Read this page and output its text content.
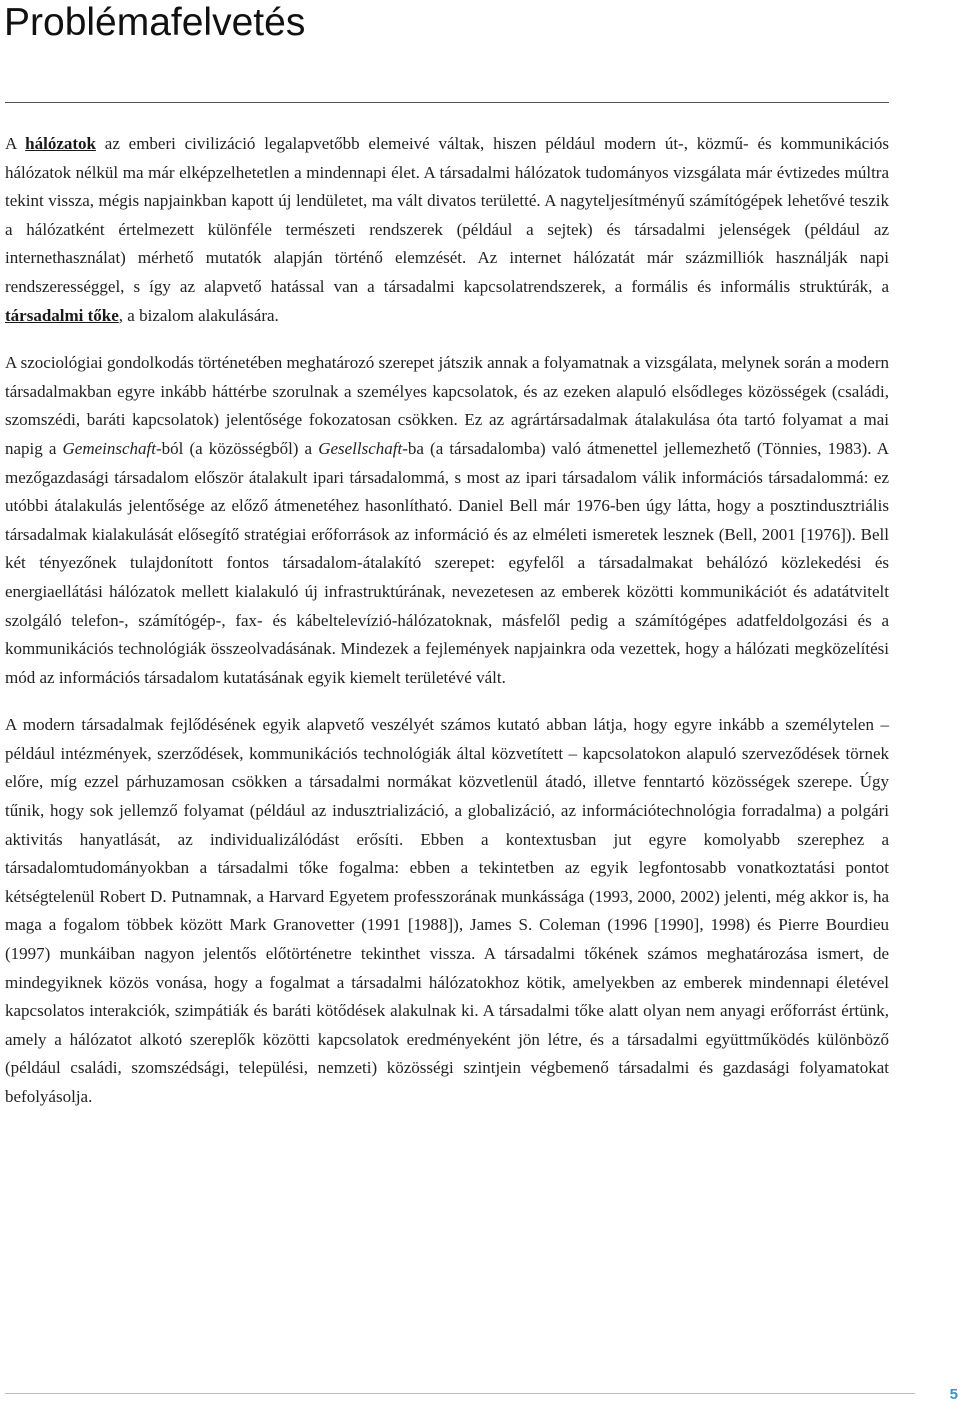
Problémafelvetés

A hálózatok az emberi civilizáció legalapvetőbb elemeivé váltak, hiszen például modern út-, közmű- és kommunikációs hálózatok nélkül ma már elképzelhetetlen a mindennapi élet. A társadalmi hálózatok tudományos vizsgálata már évtizedes múltra tekint vissza, mégis napjainkban kapott új lendületet, ma vált divatos területté. A nagyteljesítményű számítógépek lehetővé teszik a hálózatként értelmezett különféle természeti rendszerek (például a sejtek) és társadalmi jelenségek (például az internethasználat) mérhető mutatók alapján történő elemzését. Az internet hálózatát már százmilliók használják napi rendszerességgel, s így az alapvető hatással van a társadalmi kapcsolatrendszerek, a formális és informális struktúrák, a társadalmi tőke, a bizalom alakulására.

A szociológiai gondolkodás történetében meghatározó szerepet játszik annak a folyamatnak a vizsgálata, melynek során a modern társadalmakban egyre inkább háttérbe szorulnak a személyes kapcsolatok, és az ezeken alapuló elsődleges közösségek (családi, szomszédi, baráti kapcsolatok) jelentősége fokozatosan csökken. Ez az agrártársadalmak átalakulása óta tartó folyamat a mai napig a Gemeinschaft-ból (a közösségből) a Gesellschaft-ba (a társadalomba) való átmenettel jellemezhető (Tönnies, 1983). A mezőgazdasági társadalom először átalakult ipari társadalommá, s most az ipari társadalom válik információs társadalommá: ez utóbbi átalakulás jelentősége az előző átmenetéhez hasonlítható. Daniel Bell már 1976-ben úgy látta, hogy a posztindusztriális társadalmak kialakulását elősegítő stratégiai erőforrások az információ és az elméleti ismeretek lesznek (Bell, 2001 [1976]). Bell két tényezőnek tulajdonított fontos társadalom-átalakító szerepet: egyfelől a társadalmakat behálózó közlekedési és energiaellátási hálózatok mellett kialakuló új infrastruktúrának, nevezetesen az emberek közötti kommunikációt és adatátvitelt szolgáló telefon-, számítógép-, fax- és kábeltelevízió-hálózatoknak, másfelől pedig a számítógépes adatfeldolgozási és a kommunikációs technológiák összeolvadásának. Mindezek a fejlemények napjainkra oda vezettek, hogy a hálózati megközelítési mód az információs társadalom kutatásának egyik kiemelt területévé vált.

A modern társadalmak fejlődésének egyik alapvető veszélyét számos kutató abban látja, hogy egyre inkább a személytelen – például intézmények, szerződések, kommunikációs technológiák által közvetített – kapcsolatokon alapuló szerveződések törnek előre, míg ezzel párhuzamosan csökken a társadalmi normákat közvetlenül átadó, illetve fenntartó közösségek szerepe. Úgy tűnik, hogy sok jellemző folyamat (például az indusztrializáció, a globalizáció, az információtechnológia forradalma) a polgári aktivitás hanyatlását, az individualizálódást erősíti. Ebben a kontextusban jut egyre komolyabb szerephez a társadalomtudományokban a társadalmi tőke fogalma: ebben a tekintetben az egyik legfontosabb vonatkoztatási pontot kétségtelenül Robert D. Putnamnak, a Harvard Egyetem professzorának munkássága (1993, 2000, 2002) jelenti, még akkor is, ha maga a fogalom többek között Mark Granovetter (1991 [1988]), James S. Coleman (1996 [1990], 1998) és Pierre Bourdieu (1997) munkáiban nagyon jelentős előtörténetre tekinthet vissza. A társadalmi tőkének számos meghatározása ismert, de mindegyiknek közös vonása, hogy a fogalmat a társadalmi hálózatokhoz kötik, amelyekben az emberek mindennapi életével kapcsolatos interakciók, szimpátiák és baráti kötődések alakulnak ki. A társadalmi tőke alatt olyan nem anyagi erőforrást értünk, amely a hálózatot alkotó szereplők közötti kapcsolatok eredményeként jön létre, és a társadalmi együttműködés különböző (például családi, szomszédsági, települési, nemzeti) közösségi szintjein végbemenő társadalmi és gazdasági folyamatokat befolyásolja.

5
